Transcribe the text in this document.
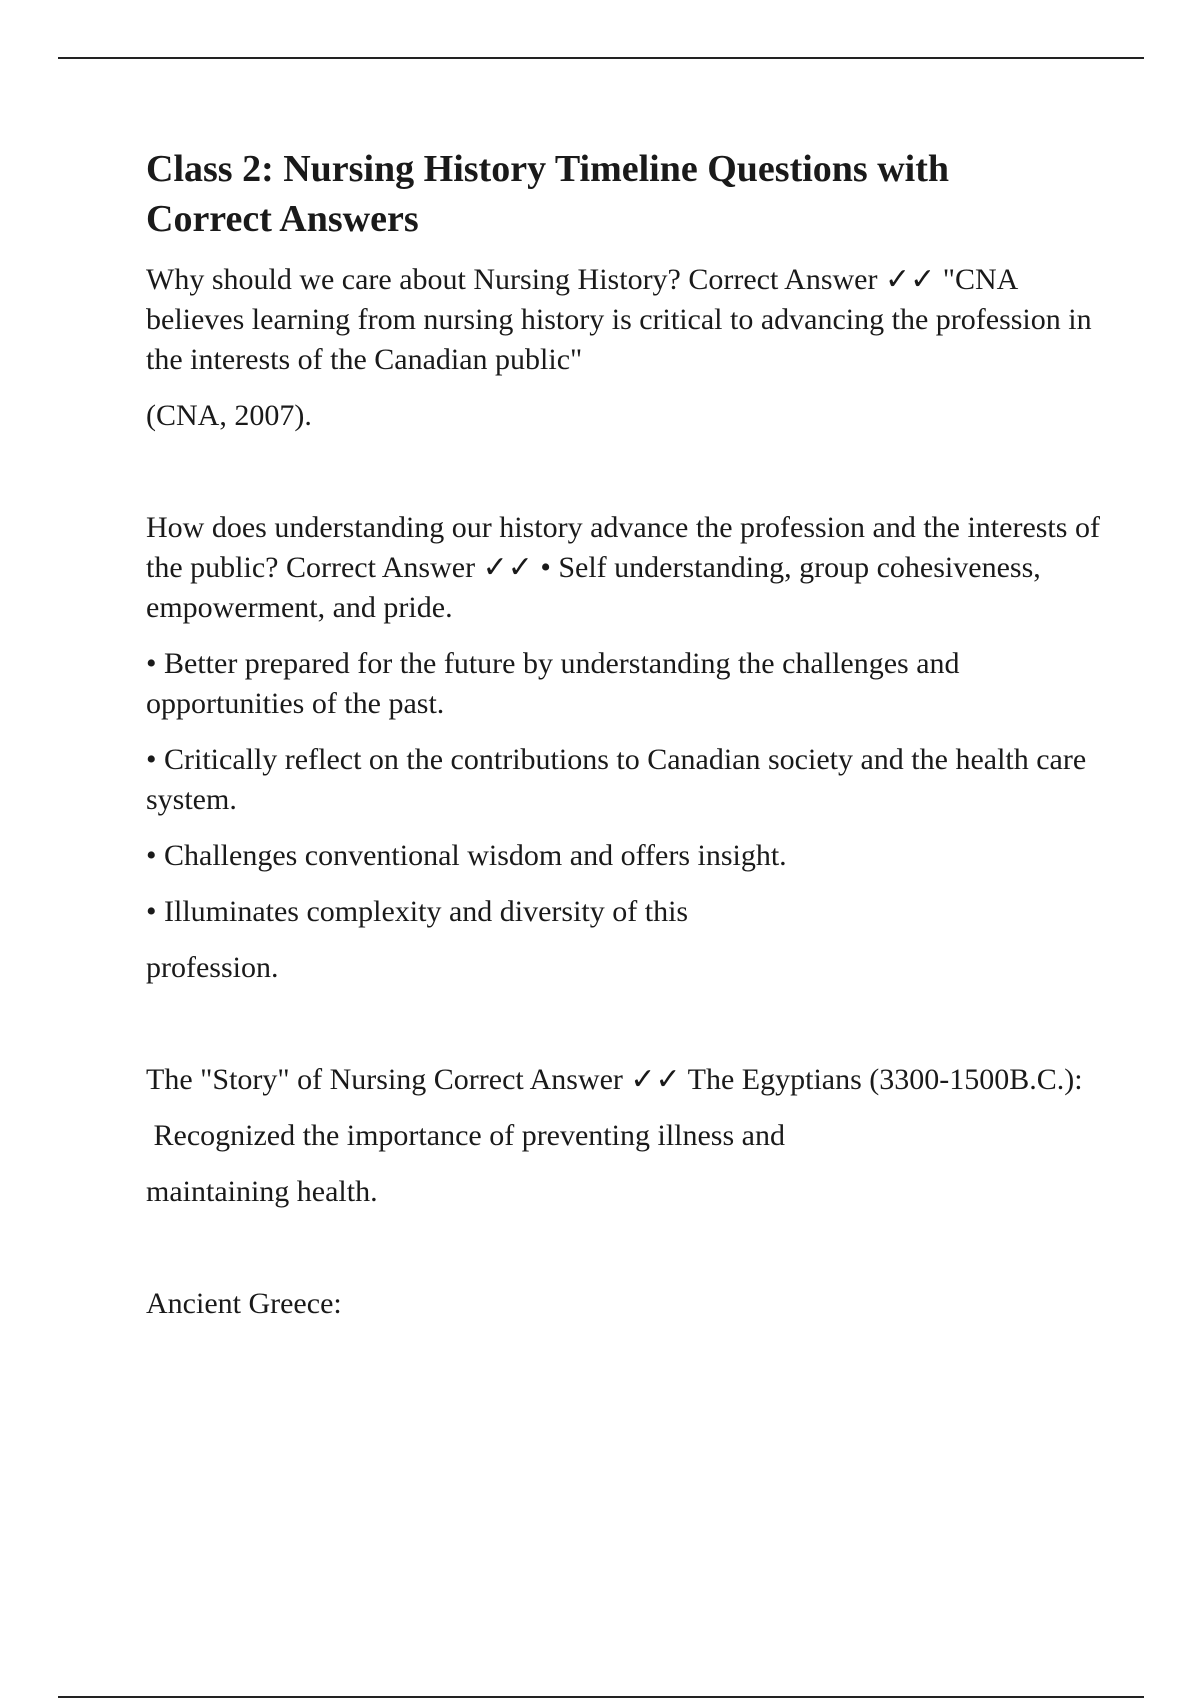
Class 2: Nursing History Timeline Questions with Correct Answers

Why should we care about Nursing History? Correct Answer ✓✓ "CNA believes learning from nursing history is critical to advancing the profession in the interests of the Canadian public"

(CNA, 2007).

How does understanding our history advance the profession and the interests of the public? Correct Answer ✓✓ • Self understanding, group cohesiveness, empowerment, and pride.

• Better prepared for the future by understanding the challenges and opportunities of the past.

• Critically reflect on the contributions to Canadian society and the health care system.

• Challenges conventional wisdom and offers insight.

• Illuminates complexity and diversity of this

profession.

The "Story" of Nursing Correct Answer ✓✓ The Egyptians (3300-1500B.C.):

Recognized the importance of preventing illness and

maintaining health.

Ancient Greece:
